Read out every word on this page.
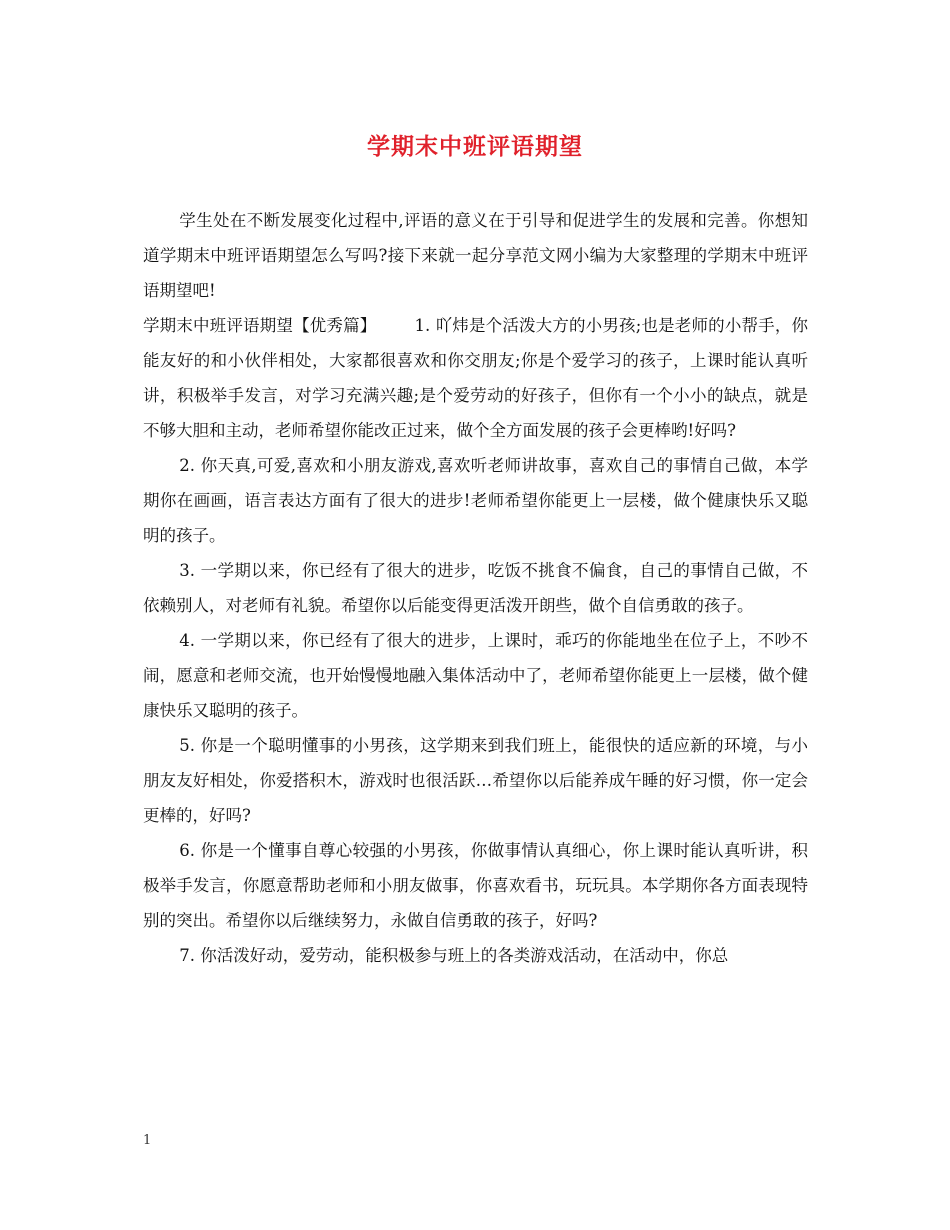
学期末中班评语期望

学生处在不断发展变化过程中,评语的意义在于引导和促进学生的发展和完善。你想知道学期末中班评语期望怎么写吗?接下来就一起分享范文网小编为大家整理的学期末中班评语期望吧!

学期末中班评语期望【优秀篇】 1. 吖炜是个活泼大方的小男孩;也是老师的小帮手，你能友好的和小伙伴相处，大家都很喜欢和你交朋友;你是个爱学习的孩子，上课时能认真听讲，积极举手发言，对学习充满兴趣;是个爱劳动的好孩子，但你有一个小小的缺点，就是不够大胆和主动，老师希望你能改正过来，做个全方面发展的孩子会更棒哟!好吗?

2. 你天真,可爱,喜欢和小朋友游戏,喜欢听老师讲故事，喜欢自己的事情自己做，本学期你在画画，语言表达方面有了很大的进步!老师希望你能更上一层楼，做个健康快乐又聪明的孩子。

3. 一学期以来，你已经有了很大的进步，吃饭不挑食不偏食，自己的事情自己做，不依赖别人，对老师有礼貌。希望你以后能变得更活泼开朗些，做个自信勇敢的孩子。

4. 一学期以来，你已经有了很大的进步，上课时，乖巧的你能地坐在位子上，不吵不闹，愿意和老师交流，也开始慢慢地融入集体活动中了，老师希望你能更上一层楼，做个健康快乐又聪明的孩子。

5. 你是一个聪明懂事的小男孩，这学期来到我们班上，能很快的适应新的环境，与小朋友友好相处，你爱搭积木，游戏时也很活跃…希望你以后能养成午睡的好习惯，你一定会更棒的，好吗?

6. 你是一个懂事自尊心较强的小男孩，你做事情认真细心，你上课时能认真听讲，积极举手发言，你愿意帮助老师和小朋友做事，你喜欢看书，玩玩具。本学期你各方面表现特别的突出。希望你以后继续努力，永做自信勇敢的孩子，好吗?

7. 你活泼好动，爱劳动，能积极参与班上的各类游戏活动，在活动中，你总

1
